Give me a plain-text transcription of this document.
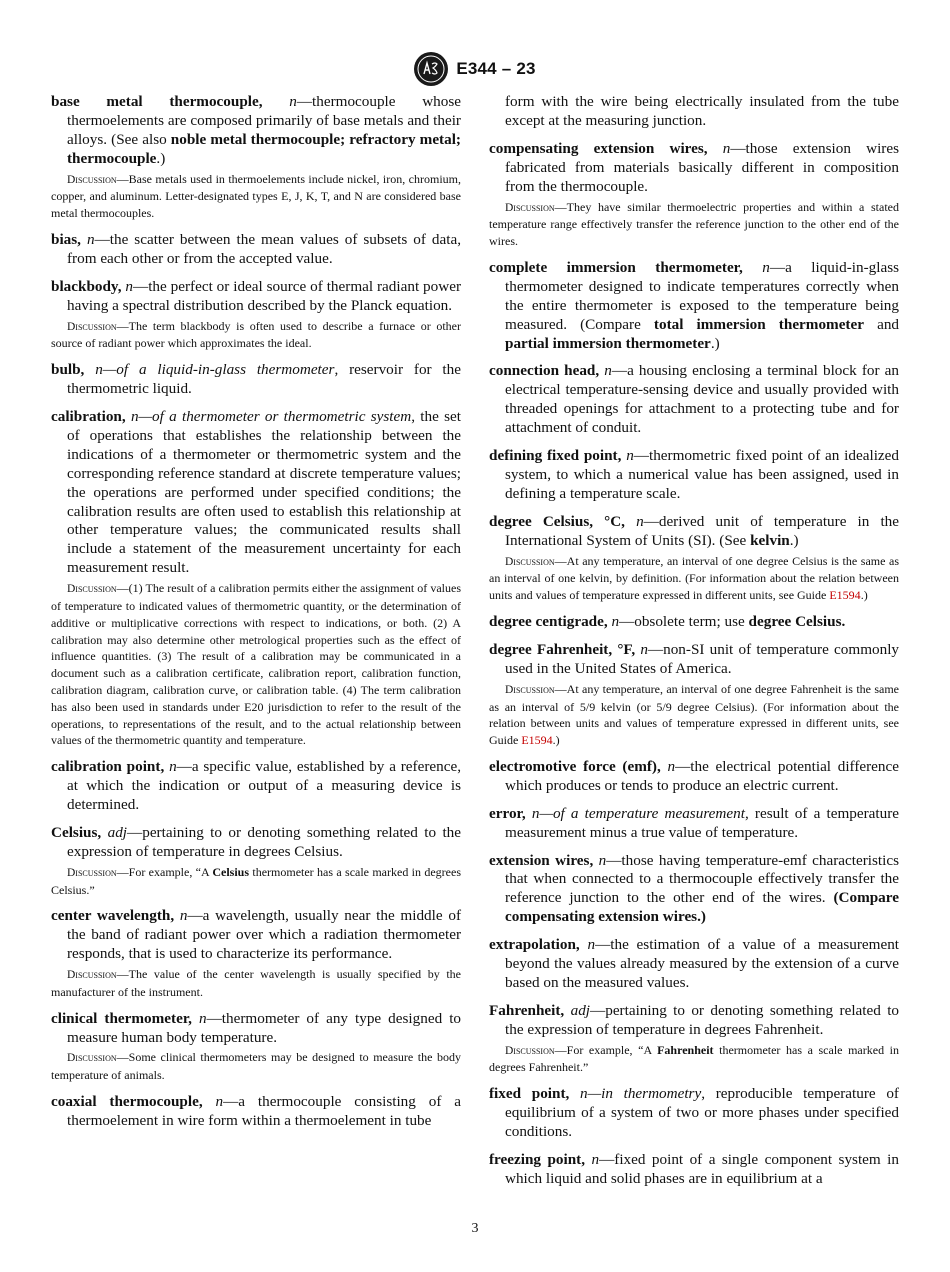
E344 – 23

base metal thermocouple, n—thermocouple whose thermoelements are composed primarily of base metals and their alloys. (See also noble metal thermocouple; refractory metal; thermocouple.)

Discussion—Base metals used in thermoelements include nickel, iron, chromium, copper, and aluminum. Letter-designated types E, J, K, T, and N are considered base metal thermocouples.

bias, n—the scatter between the mean values of subsets of data, from each other or from the accepted value.

blackbody, n—the perfect or ideal source of thermal radiant power having a spectral distribution described by the Planck equation.

Discussion—The term blackbody is often used to describe a furnace or other source of radiant power which approximates the ideal.

bulb, n—of a liquid-in-glass thermometer, reservoir for the thermometric liquid.

calibration, n—of a thermometer or thermometric system, the set of operations that establishes the relationship between the indications of a thermometer or thermometric system and the corresponding reference standard at discrete temperature values; the operations are performed under specified conditions; the calibration results are often used to establish this relationship at other temperature values; the communicated results shall include a statement of the measurement uncertainty for each measurement result.

Discussion—(1) The result of a calibration permits either the assignment of values of temperature to indicated values of thermometric quantity, or the determination of additive or multiplicative corrections with respect to indications, or both. (2) A calibration may also determine other metrological properties such as the effect of influence quantities. (3) The result of a calibration may be communicated in a document such as a calibration certificate, calibration report, calibration function, calibration diagram, calibration curve, or calibration table. (4) The term calibration has also been used in standards under E20 jurisdiction to refer to the result of the operations, to representations of the result, and to the actual relationship between values of the thermometric quantity and temperature.

calibration point, n—a specific value, established by a reference, at which the indication or output of a measuring device is determined.

Celsius, adj—pertaining to or denoting something related to the expression of temperature in degrees Celsius.

Discussion—For example, “A Celsius thermometer has a scale marked in degrees Celsius.”

center wavelength, n—a wavelength, usually near the middle of the band of radiant power over which a radiation thermometer responds, that is used to characterize its performance.

Discussion—The value of the center wavelength is usually specified by the manufacturer of the instrument.

clinical thermometer, n—thermometer of any type designed to measure human body temperature.

Discussion—Some clinical thermometers may be designed to measure the body temperature of animals.

coaxial thermocouple, n—a thermocouple consisting of a thermoelement in wire form within a thermoelement in tube

form with the wire being electrically insulated from the tube except at the measuring junction.

compensating extension wires, n—those extension wires fabricated from materials basically different in composition from the thermocouple.

Discussion—They have similar thermoelectric properties and within a stated temperature range effectively transfer the reference junction to the other end of the wires.

complete immersion thermometer, n—a liquid-in-glass thermometer designed to indicate temperatures correctly when the entire thermometer is exposed to the temperature being measured. (Compare total immersion thermometer and partial immersion thermometer.)

connection head, n—a housing enclosing a terminal block for an electrical temperature-sensing device and usually provided with threaded openings for attachment to a protecting tube and for attachment of conduit.

defining fixed point, n—thermometric fixed point of an idealized system, to which a numerical value has been assigned, used in defining a temperature scale.

degree Celsius, °C, n—derived unit of temperature in the International System of Units (SI). (See kelvin.)

Discussion—At any temperature, an interval of one degree Celsius is the same as an interval of one kelvin, by definition. (For information about the relation between units and values of temperature expressed in different units, see Guide E1594.)

degree centigrade, n—obsolete term; use degree Celsius.

degree Fahrenheit, °F, n—non-SI unit of temperature commonly used in the United States of America.

Discussion—At any temperature, an interval of one degree Fahrenheit is the same as an interval of 5/9 kelvin (or 5/9 degree Celsius). (For information about the relation between units and values of temperature expressed in different units, see Guide E1594.)

electromotive force (emf), n—the electrical potential difference which produces or tends to produce an electric current.

error, n—of a temperature measurement, result of a temperature measurement minus a true value of temperature.

extension wires, n—those having temperature-emf characteristics that when connected to a thermocouple effectively transfer the reference junction to the other end of the wires. (Compare compensating extension wires.)

extrapolation, n—the estimation of a value of a measurement beyond the values already measured by the extension of a curve based on the measured values.

Fahrenheit, adj—pertaining to or denoting something related to the expression of temperature in degrees Fahrenheit.

Discussion—For example, “A Fahrenheit thermometer has a scale marked in degrees Fahrenheit.”

fixed point, n—in thermometry, reproducible temperature of equilibrium of a system of two or more phases under specified conditions.

freezing point, n—fixed point of a single component system in which liquid and solid phases are in equilibrium at a

3
